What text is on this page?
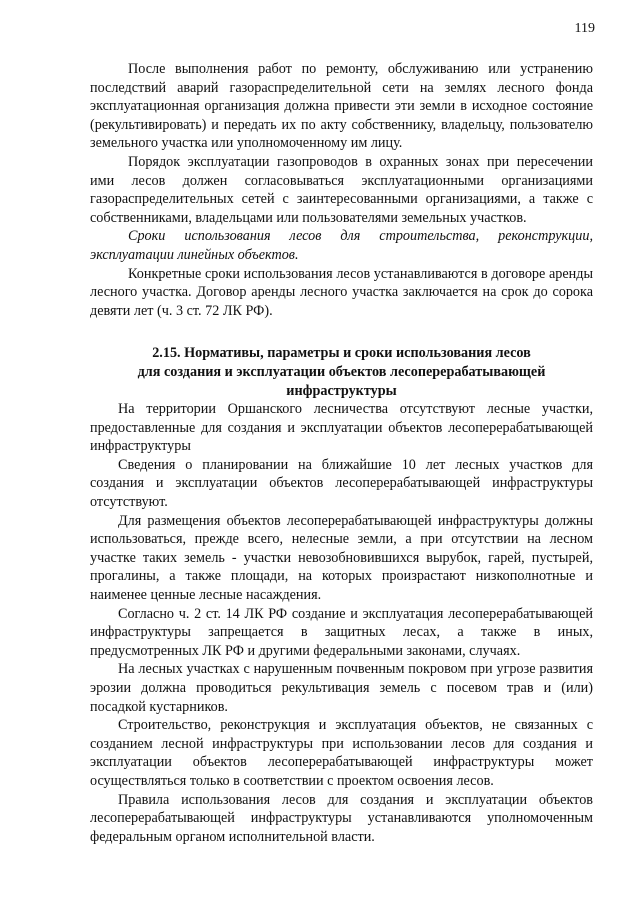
119

После выполнения работ по ремонту, обслуживанию или устранению последствий аварий газораспределительной сети на землях лесного фонда эксплуатационная организация должна привести эти земли в исходное состояние (рекультивировать) и передать их по акту собственнику, владельцу, пользователю земельного участка или уполномоченному им лицу.

Порядок эксплуатации газопроводов в охранных зонах при пересечении ими лесов должен согласовываться эксплуатационными организациями газораспределительных сетей с заинтересованными организациями, а также с собственниками, владельцами или пользователями земельных участков.

Сроки использования лесов для строительства, реконструкции, эксплуатации линейных объектов.

Конкретные сроки использования лесов устанавливаются в договоре аренды лесного участка. Договор аренды лесного участка заключается на срок до сорока девяти лет (ч. 3 ст. 72 ЛК РФ).

2.15. Нормативы, параметры и сроки использования лесов
для создания и эксплуатации объектов лесоперерабатывающей
инфраструктуры

На территории Оршанского лесничества отсутствуют лесные участки, предоставленные для создания и эксплуатации объектов лесоперерабатывающей инфраструктуры

Сведения о планировании на ближайшие 10 лет лесных участков для создания и эксплуатации объектов лесоперерабатывающей инфраструктуры отсутствуют.

Для размещения объектов лесоперерабатывающей инфраструктуры должны использоваться, прежде всего, нелесные земли, а при отсутствии на лесном участке таких земель - участки невозобновившихся вырубок, гарей, пустырей, прогалины, а также площади, на которых произрастают низкополнотные и наименее ценные лесные насаждения.

Согласно ч. 2 ст. 14 ЛК РФ создание и эксплуатация лесоперерабатывающей инфраструктуры запрещается в защитных лесах, а также в иных, предусмотренных ЛК РФ и другими федеральными законами, случаях.

На лесных участках с нарушенным почвенным покровом при угрозе развития эрозии должна проводиться рекультивация земель с посевом трав и (или) посадкой кустарников.

Строительство, реконструкция и эксплуатация объектов, не связанных с созданием лесной инфраструктуры при использовании лесов для создания и эксплуатации объектов лесоперерабатывающей инфраструктуры может осуществляться только в соответствии с проектом освоения лесов.

Правила использования лесов для создания и эксплуатации объектов лесоперерабатывающей инфраструктуры устанавливаются уполномоченным федеральным органом исполнительной власти.
